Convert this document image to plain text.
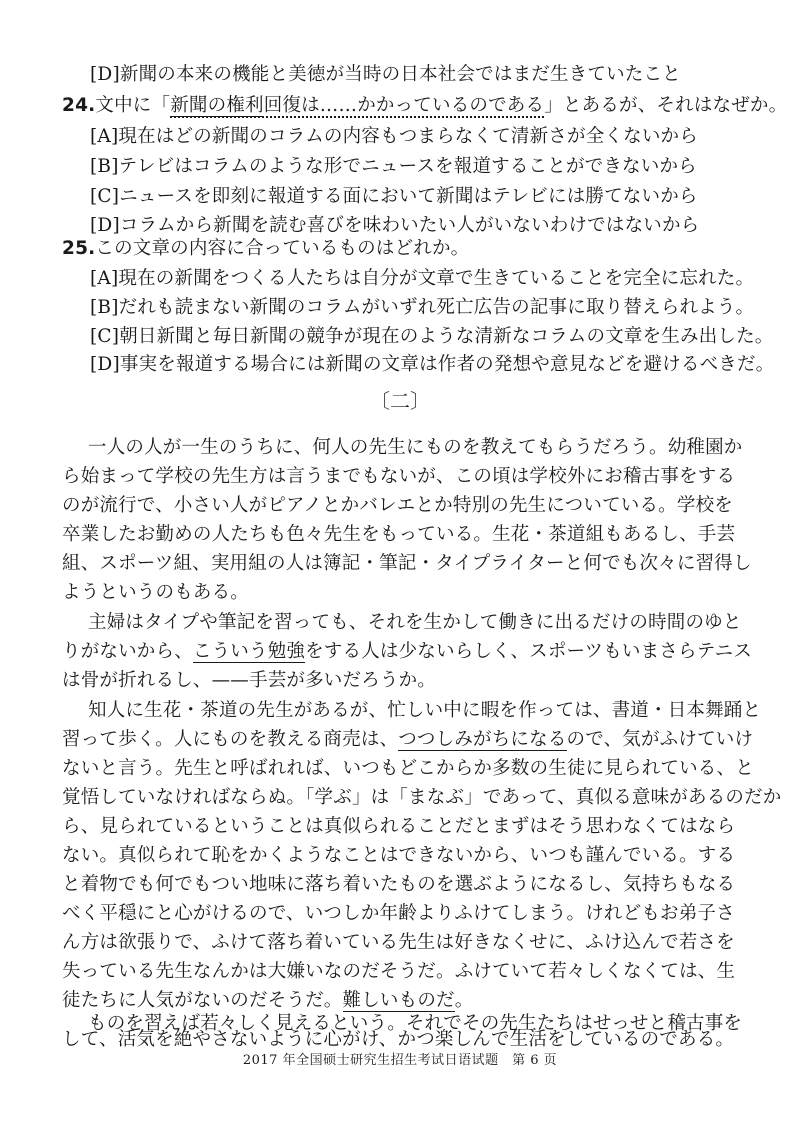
[D]新聞の本来の機能と美徳が当時の日本社会ではまだ生きていたこと
24.文中に「新聞の権利回復は……かかっているのである」とあるが、それはなぜか。
[A]現在はどの新聞のコラムの内容もつまらなくて清新さが全くないから
[B]テレビはコラムのような形でニュースを報道することができないから
[C]ニュースを即刻に報道する面において新聞はテレビには勝てないから
[D]コラムから新聞を読む喜びを味わいたい人がいないわけではないから
25.この文章の内容に合っているものはどれか。
[A]現在の新聞をつくる人たちは自分が文章で生きていることを完全に忘れた。
[B]だれも読まない新聞のコラムがいずれ死亡広告の記事に取り替えられよう。
[C]朝日新聞と毎日新聞の競争が現在のような清新なコラムの文章を生み出した。
[D]事実を報道する場合には新聞の文章は作者の発想や意見などを避けるべきだ。
〔二〕
一人の人が一生のうちに、何人の先生にものを教えてもらうだろう。幼稚園か
ら始まって学校の先生方は言うまでもないが、この頃は学校外にお稽古事をする
のが流行で、小さい人がピアノとかバレエとか特別の先生についている。学校を
卒業したお勤めの人たちも色々先生をもっている。生花・茶道組もあるし、手芸
組、スポーツ組、実用組の人は簿記・筆記・タイプライターと何でも次々に習得し
ようというのもある。
主婦はタイプや筆記を習っても、それを生かして働きに出るだけの時間のゆと
りがないから、こういう勉強をする人は少ないらしく、スポーツもいまさらテニス
は骨が折れるし、——手芸が多いだろうか。
知人に生花・茶道の先生があるが、忙しい中に暇を作っては、書道・日本舞踊と
習って歩く。人にものを教える商売は、つつしみがちになるので、気がふけていけ
ないと言う。先生と呼ばれれば、いつもどこからか多数の生徒に見られている、と
覚悟していなければならぬ。「学ぶ」は「まなぶ」であって、真似る意味があるのだか
ら、見られているということは真似られることだとまずはそう思わなくてはなら
ない。真似られて恥をかくようなことはできないから、いつも謹んでいる。する
と着物でも何でもつい地味に落ち着いたものを選ぶようになるし、気持ちもなる
べく平穏にと心がけるので、いつしか年齢よりふけてしまう。けれどもお弟子さ
ん方は欲張りで、ふけて落ち着いている先生は好きなくせに、ふけ込んで若さを
失っている先生なんかは大嫌いなのだそうだ。ふけていて若々しくなくては、生
徒たちに人気がないのだそうだ。難しいものだ。
ものを習えば若々しく見えるという。それでその先生たちはせっせと稽古事を
して、活気を絶やさないように心がけ、かつ楽しんで生活をしているのである。
2017 年全国硕士研究生招生考试日语试题　第 6 页
